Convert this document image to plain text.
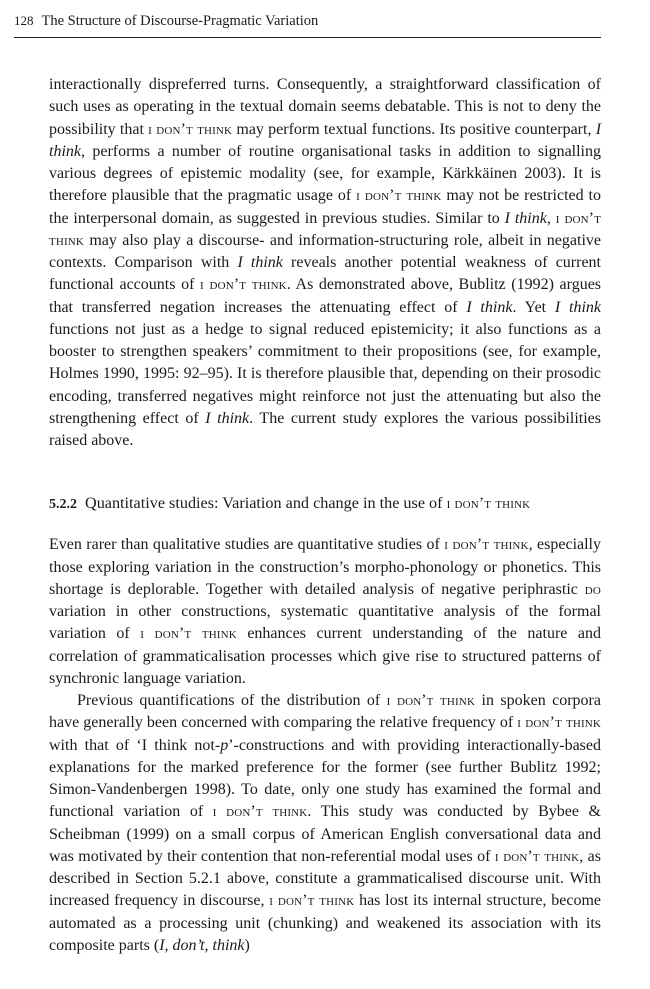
128 The Structure of Discourse-Pragmatic Variation

interactionally dispreferred turns. Consequently, a straightforward classification of such uses as operating in the textual domain seems debatable. This is not to deny the possibility that i don’t think may perform textual functions. Its positive counterpart, I think, performs a number of routine organisational tasks in addition to signalling various degrees of epistemic modality (see, for example, Kärkkäinen 2003). It is therefore plausible that the pragmatic usage of i don’t think may not be restricted to the interpersonal domain, as suggested in previous studies. Similar to I think, i don’t think may also play a discourse- and information-structuring role, albeit in negative contexts. Comparison with I think reveals another potential weakness of current functional accounts of i don’t think. As demonstrated above, Bublitz (1992) argues that transferred negation increases the attenuating effect of I think. Yet I think functions not just as a hedge to signal reduced epistemicity; it also functions as a booster to strengthen speakers’ commitment to their propositions (see, for example, Holmes 1990, 1995: 92–95). It is therefore plausible that, depending on their prosodic encoding, transferred negatives might reinforce not just the attenuating but also the strengthening effect of I think. The current study explores the various possibilities raised above.

5.2.2 Quantitative studies: Variation and change in the use of i don’t think

Even rarer than qualitative studies are quantitative studies of i don’t think, especially those exploring variation in the construction’s morpho-phonology or phonetics. This shortage is deplorable. Together with detailed analysis of negative periphrastic do variation in other constructions, systematic quantitative analysis of the formal variation of i don’t think enhances current understanding of the nature and correlation of grammaticalisation processes which give rise to structured patterns of synchronic language variation.

Previous quantifications of the distribution of i don’t think in spoken corpora have generally been concerned with comparing the relative frequency of i don’t think with that of ‘I think not-p’-constructions and with providing interactionally-based explanations for the marked preference for the former (see further Bublitz 1992; Simon-Vandenbergen 1998). To date, only one study has examined the formal and functional variation of i don’t think. This study was conducted by Bybee & Scheibman (1999) on a small corpus of American English conversational data and was motivated by their contention that non-referential modal uses of i don’t think, as described in Section 5.2.1 above, constitute a grammaticalised discourse unit. With increased frequency in discourse, i don’t think has lost its internal structure, become automated as a processing unit (chunking) and weakened its association with its composite parts (I, don’t, think)
